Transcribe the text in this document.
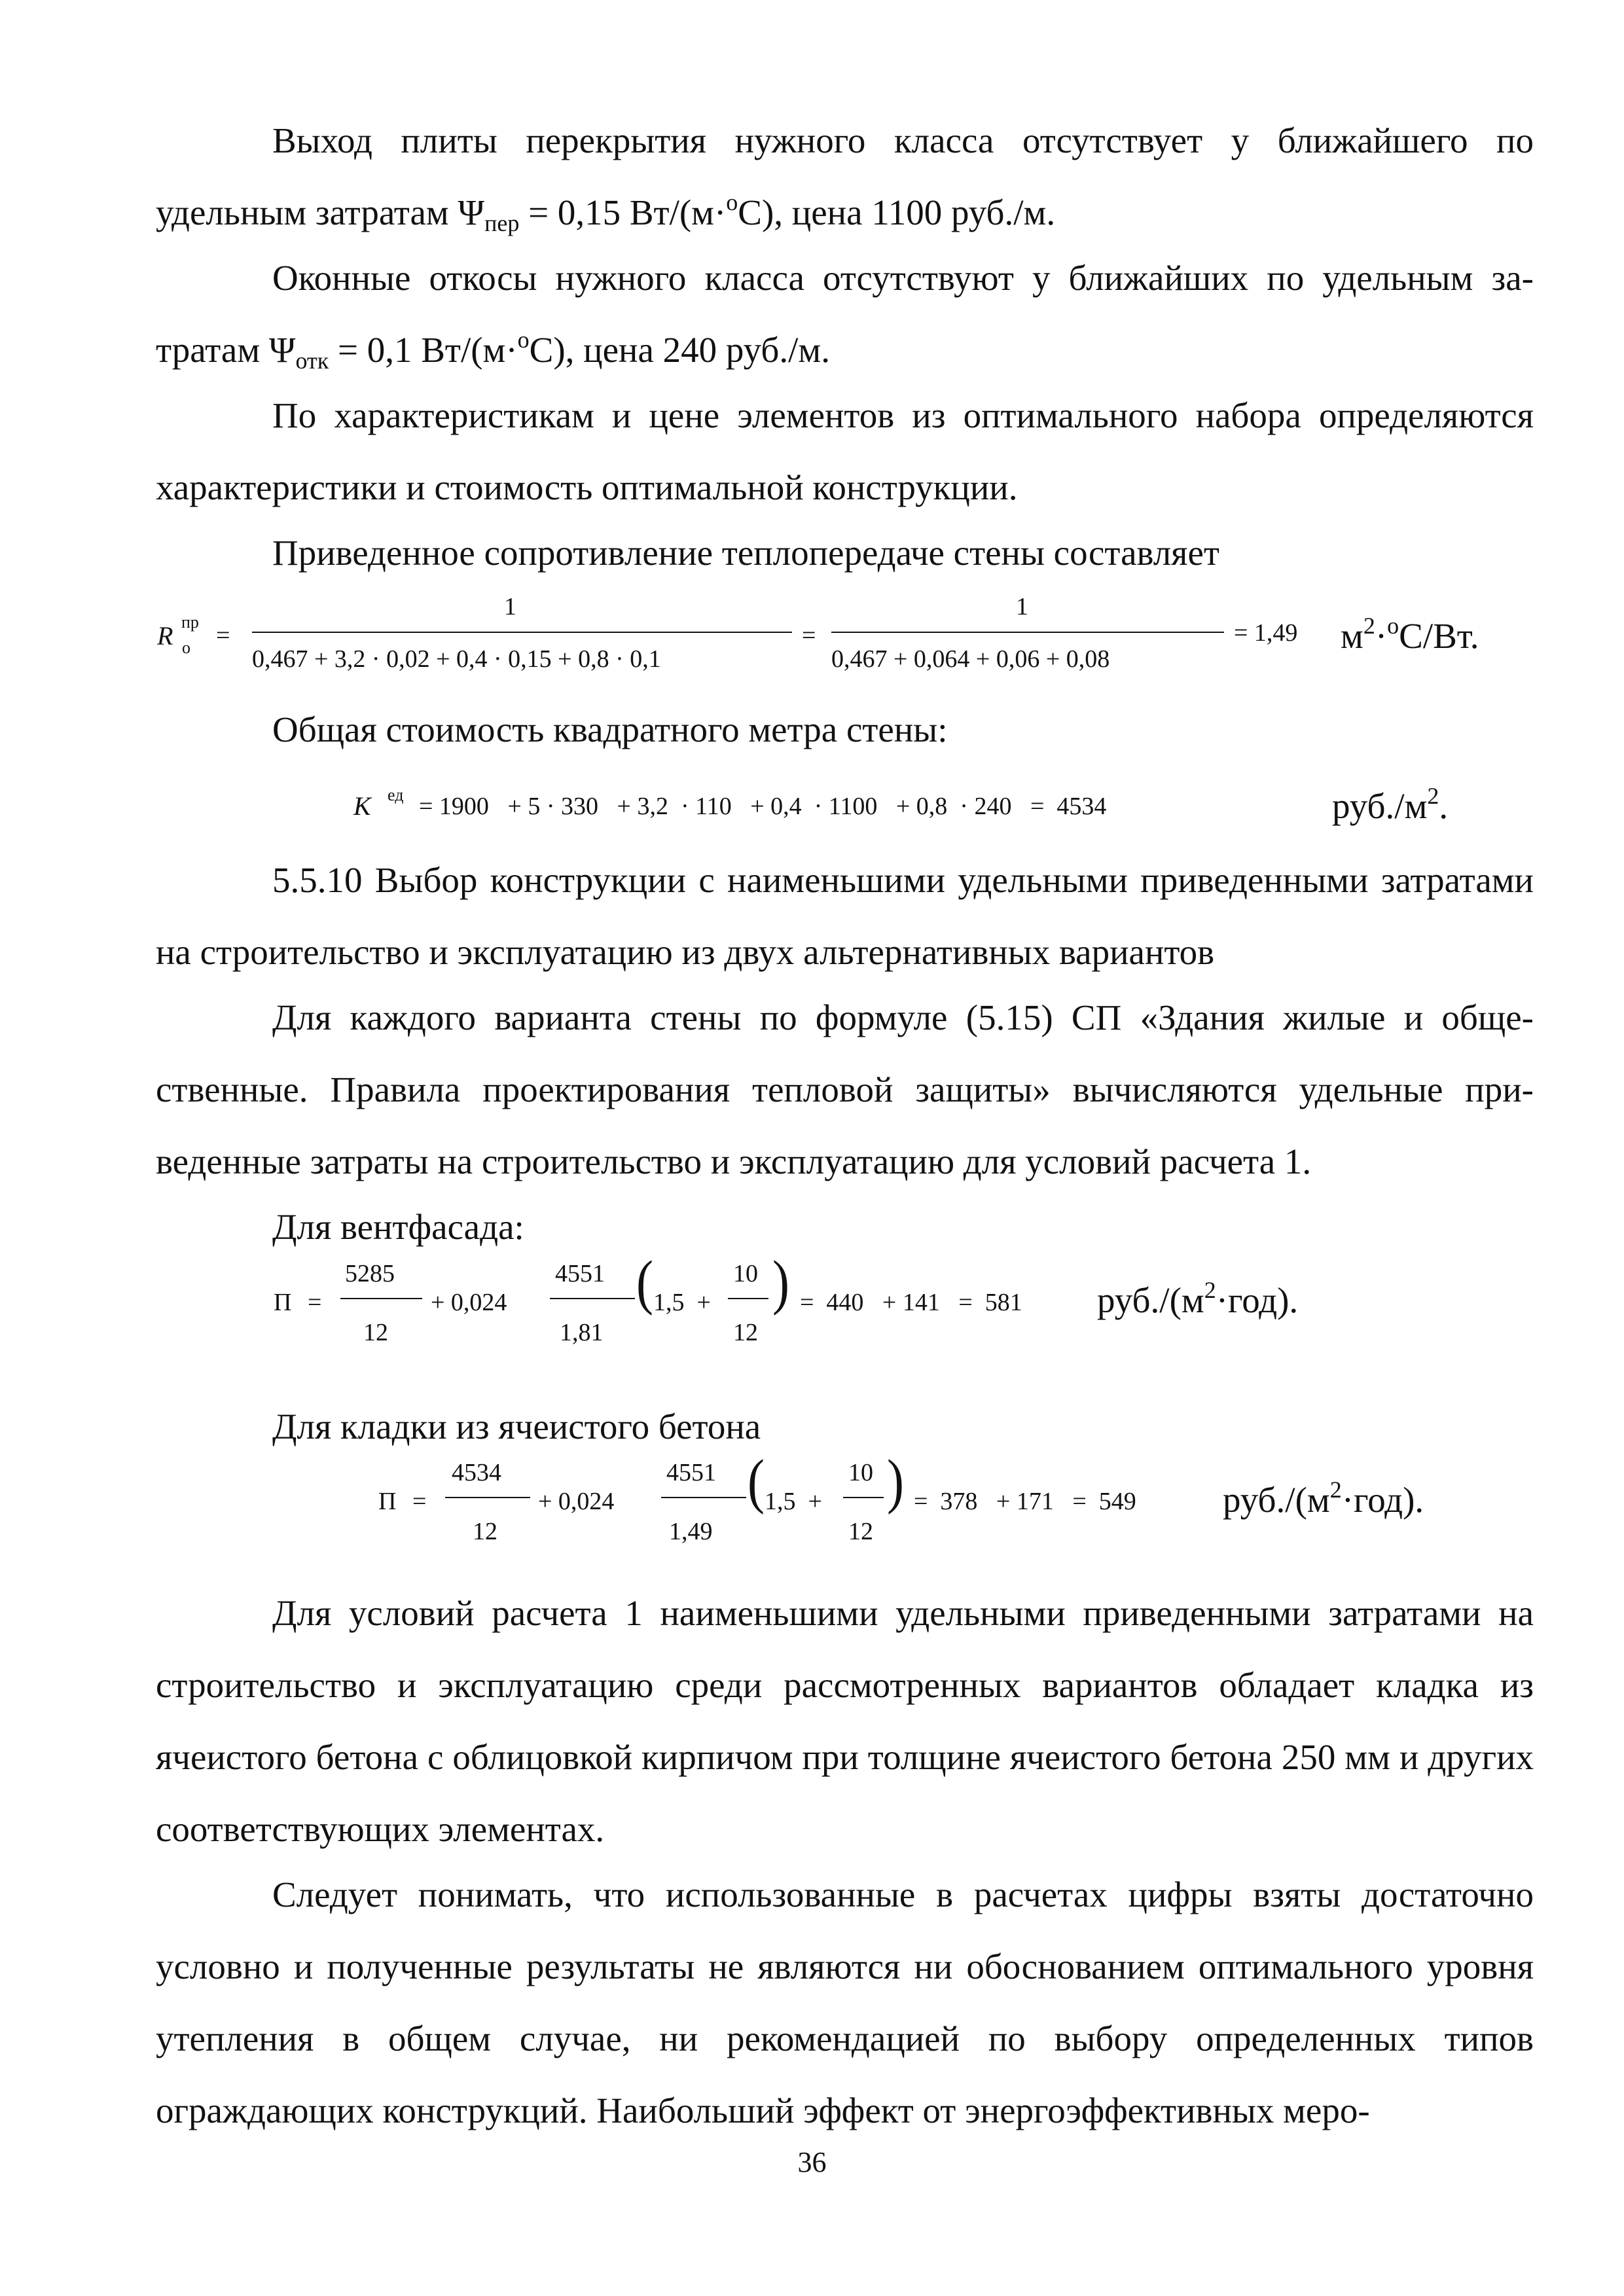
Выход плиты перекрытия нужного класса отсутствует у ближайшего по удельным затратам $\Psi_{пер} = 0,15$ Вт/(м·$^о$С), цена 1100 руб./м.

Оконные откосы нужного класса отсутствуют у ближайших по удельным затратам $\Psi_{отк} = 0,1$ Вт/(м·$^о$С), цена 240 руб./м.

По характеристикам и цене элементов из оптимального набора определяются характеристики и стоимость оптимальной конструкции.

Приведенное сопротивление теплопередаче стены составляет

R пр
о =
1
0,467 + 3,2 · 0,02 + 0,4 · 0,15 + 0,8 · 0,1
=
1
0,467 + 0,064 + 0,06 + 0,08
= 1,49 $м^2\cdot^оС/Вт$.

Общая стоимость квадратного метра стены:

K ед = 1900   + 5 · 330   + 3,2  · 110   + 0,4  · 1100   + 0,8  · 240   =  4534	$руб./м^2$.

5.5.10 Выбор конструкции с наименьшими удельными приведенными затратами на строительство и эксплуатацию из двух альтернативных вариантов

Для каждого варианта стены по формуле (5.15) СП «Здания жилые и общественные. Правила проектирования тепловой защиты» вычисляются удельные приведенные затраты на строительство и эксплуатацию для условий расчета 1.

Для вентфасада:

П =
5285
12
+ 0,024
4551
1,81
( 1,5  +
10
12
) =  440   + 141   =  581 $руб./(м^2\cdot год)$.

Для кладки из ячеистого бетона

П =
4534
12
+ 0,024
4551
1,49
( 1,5  +
10
12
) =  378   + 171   =  549 $руб./(м^2\cdot год)$.

Для условий расчета 1 наименьшими удельными приведенными затратами на строительство и эксплуатацию среди рассмотренных вариантов обладает кладка из ячеистого бетона с облицовкой кирпичом при толщине ячеистого бетона 250 мм и других соответствующих элементах.

Следует понимать, что использованные в расчетах цифры взяты достаточно условно и полученные результаты не являются ни обоснованием оптимального уровня утепления в общем случае, ни рекомендацией по выбору определенных типов ограждающих конструкций. Наибольший эффект от энергоэффективных меро-

36
